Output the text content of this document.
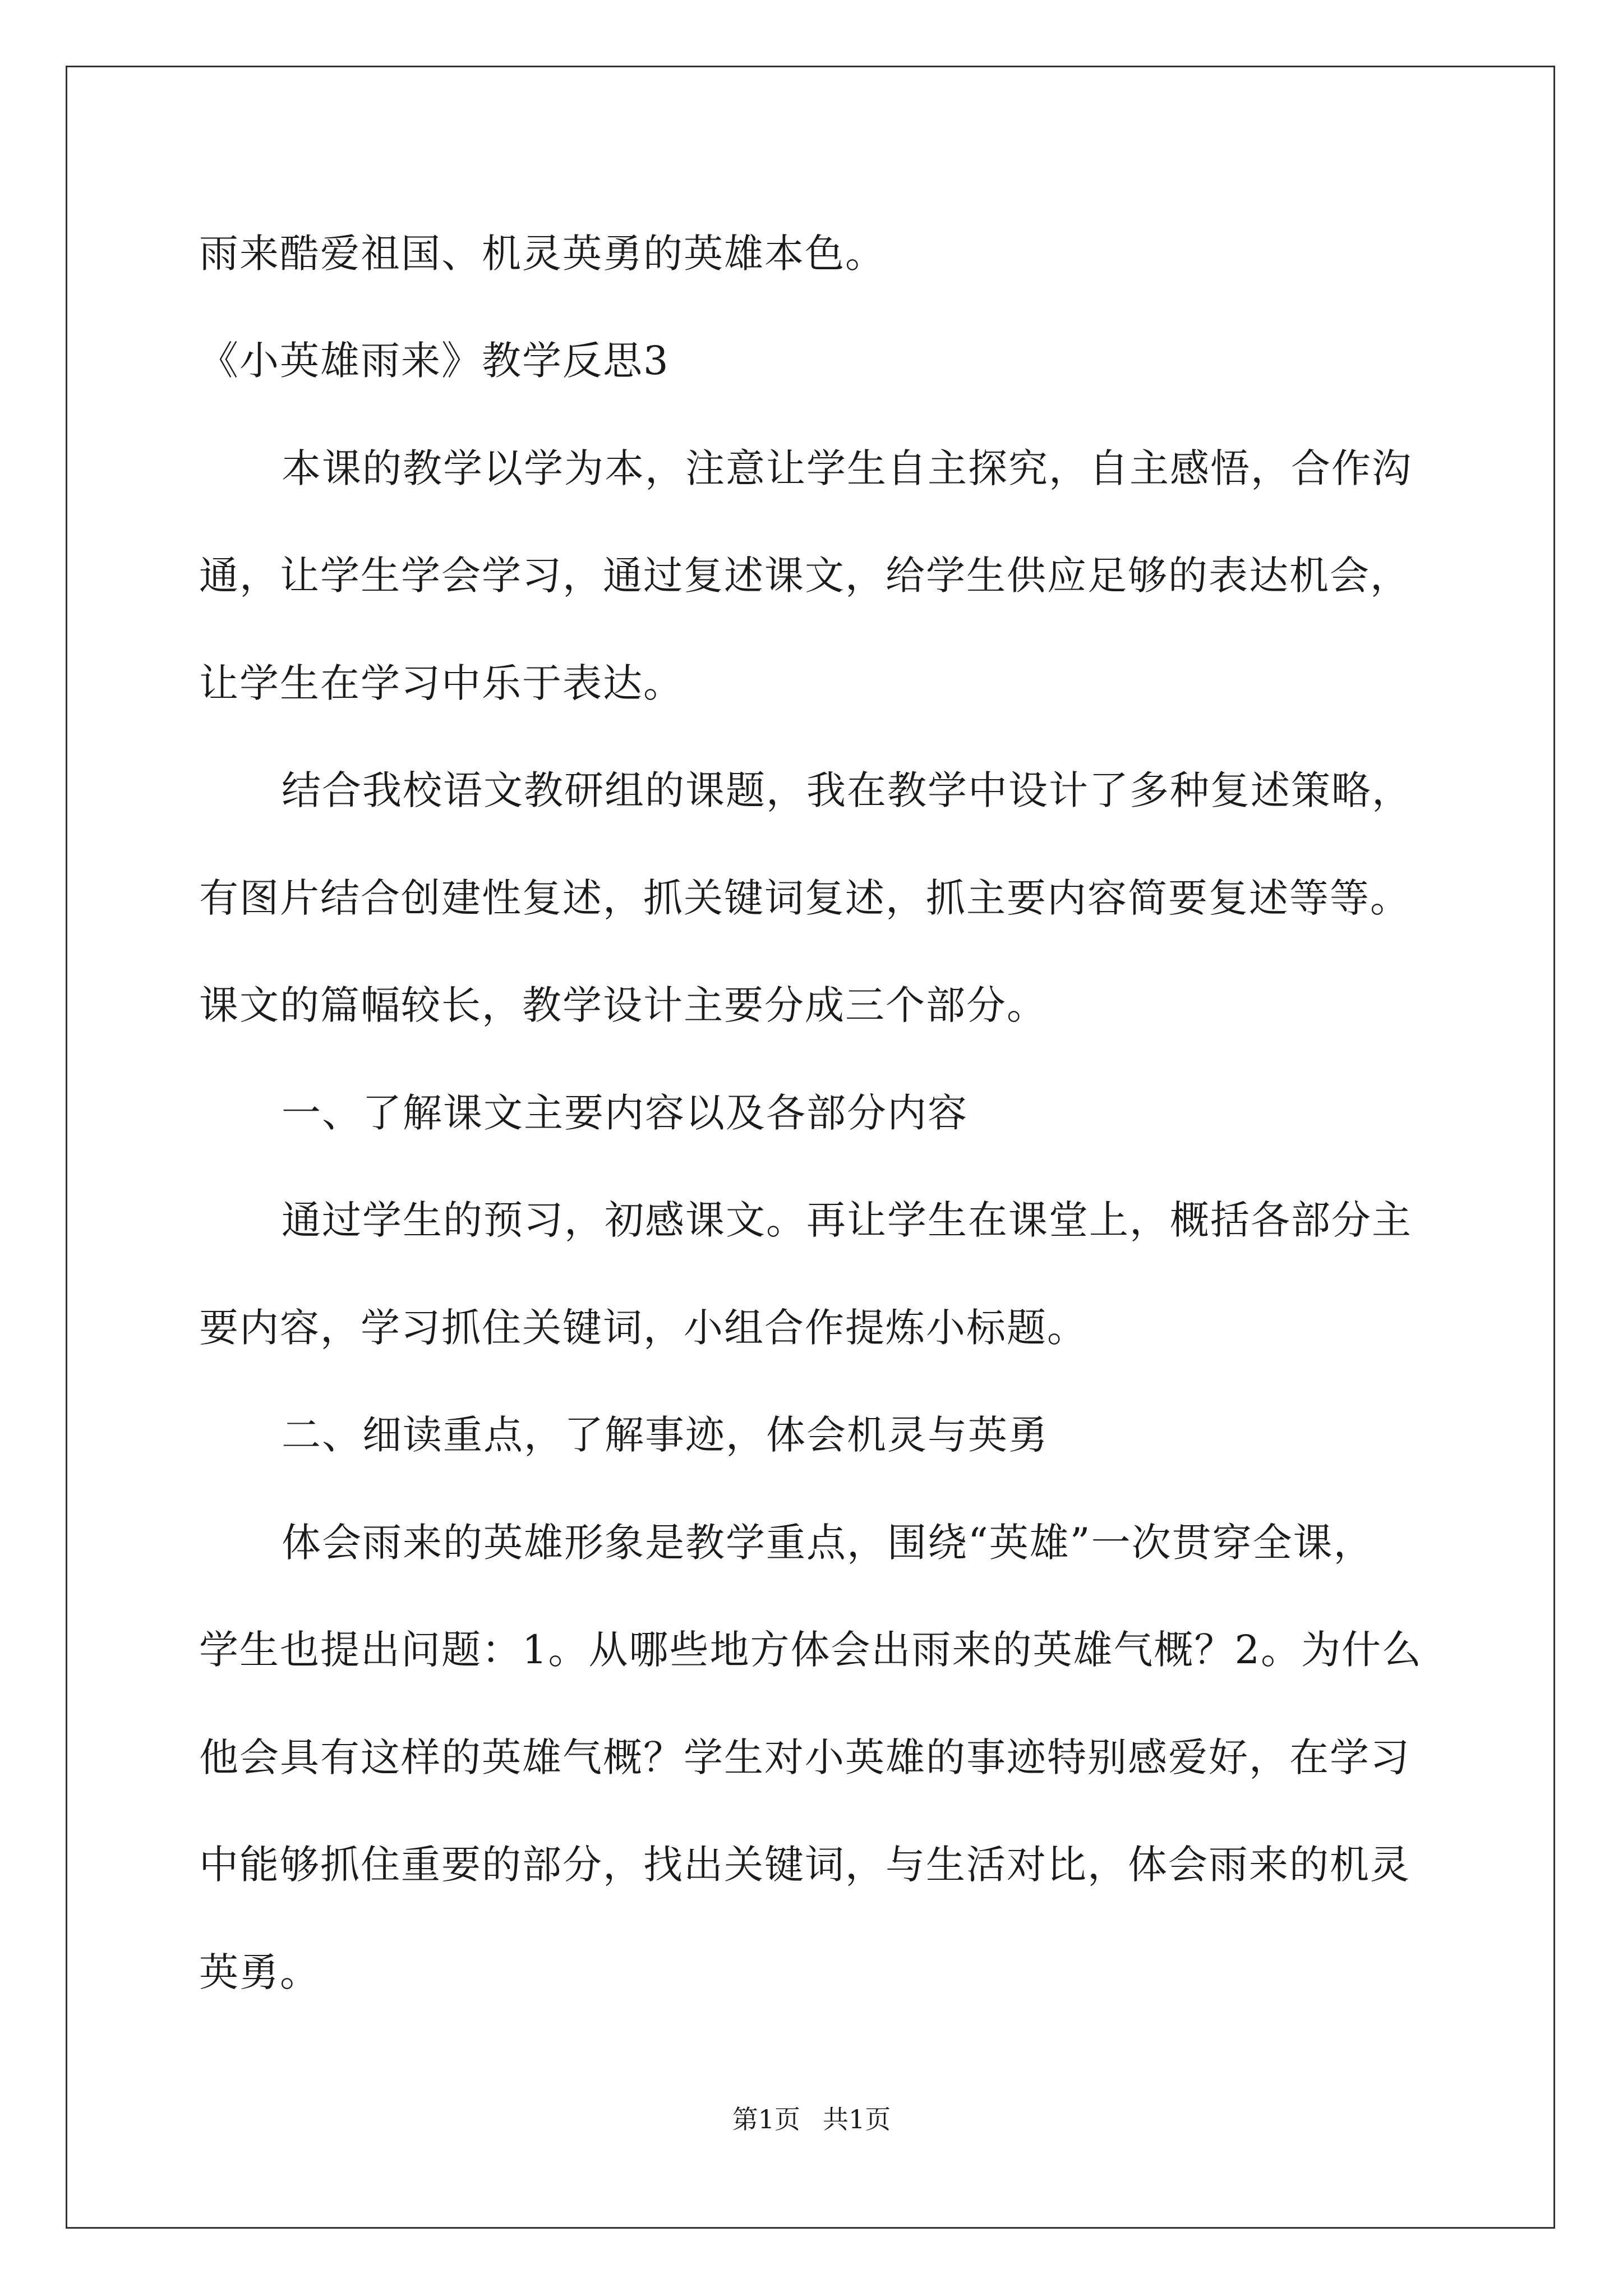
雨来酷爱祖国、机灵英勇的英雄本色。
《小英雄雨来》教学反思3
本课的教学以学为本，注意让学生自主探究，自主感悟，合作沟
通，让学生学会学习，通过复述课文，给学生供应足够的表达机会，
让学生在学习中乐于表达。
结合我校语文教研组的课题，我在教学中设计了多种复述策略，
有图片结合创建性复述，抓关键词复述，抓主要内容简要复述等等。
课文的篇幅较长，教学设计主要分成三个部分。
一、了解课文主要内容以及各部分内容
通过学生的预习，初感课文。再让学生在课堂上，概括各部分主
要内容，学习抓住关键词，小组合作提炼小标题。
二、细读重点，了解事迹，体会机灵与英勇
体会雨来的英雄形象是教学重点，围绕“英雄”一次贯穿全课，
学生也提出问题：1。从哪些地方体会出雨来的英雄气概？2。为什么
他会具有这样的英雄气概？学生对小英雄的事迹特别感爱好，在学习
中能够抓住重要的部分，找出关键词，与生活对比，体会雨来的机灵
英勇。
第1页 共1页
